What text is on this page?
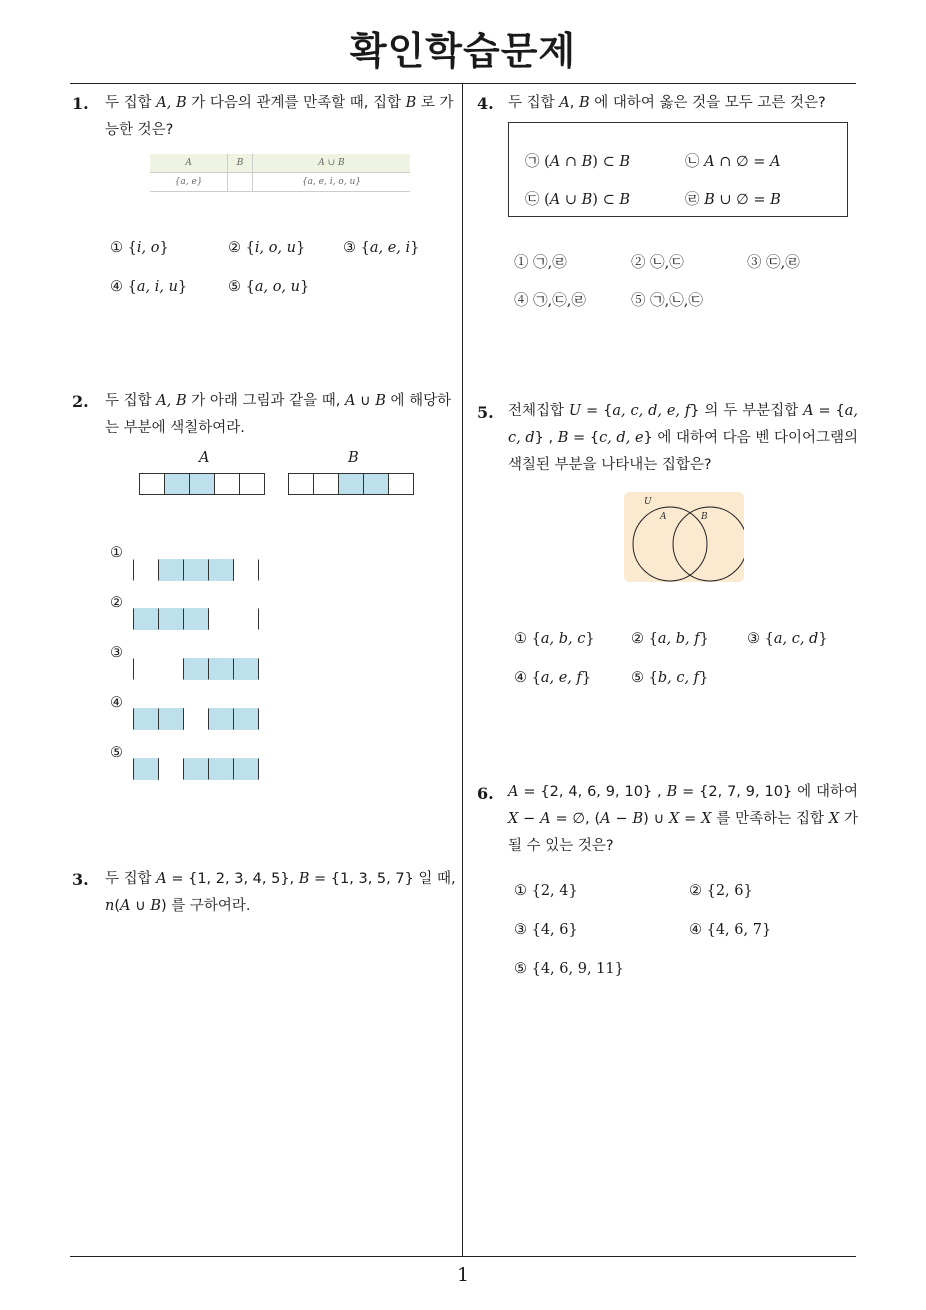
확인학습문제
1
1. 두 집합 A, B 가 다음의 관계를 만족할 때, 집합 B 로 가능한 것은?
A	B	A ∪ B
{a, e}		{a, e, i, o, u}
① {i, o}	② {i, o, u}	③ {a, e, i}
④ {a, i, u}	⑤ {a, o, u}
2. 두 집합 A, B 가 아래 그림과 같을 때, A ∪ B 에 해당하는 부분에 색칠하여라.
A	B
①
②
③
④
⑤
3. 두 집합 A = {1, 2, 3, 4, 5}, B = {1, 3, 5, 7} 일 때, n(A ∪ B) 를 구하여라.
4. 두 집합 A, B 에 대하여 옳은 것을 모두 고른 것은?
㉠ (A ∩ B) ⊂ B	㉡ A ∩ ∅ = A
㉢ (A ∪ B) ⊂ B	㉣ B ∪ ∅ = B
① ㉠,㉣	② ㉡,㉢	③ ㉢,㉣
④ ㉠,㉢,㉣	⑤ ㉠,㉡,㉢
5. 전체집합 U = {a, c, d, e, f} 의 두 부분집합 A = {a, c, d} , B = {c, d, e} 에 대하여 다음 벤 다이어그램의 색칠된 부분을 나타내는 집합은?
U
A	B
① {a, b, c}	② {a, b, f}	③ {a, c, d}
④ {a, e, f}	⑤ {b, c, f}
6. A = {2, 4, 6, 9, 10} , B = {2, 7, 9, 10} 에 대하여 X − A = ∅, (A − B) ∪ X = X 를 만족하는 집합 X 가 될 수 있는 것은?
① {2, 4}	② {2, 6}
③ {4, 6}	④ {4, 6, 7}
⑤ {4, 6, 9, 11}
